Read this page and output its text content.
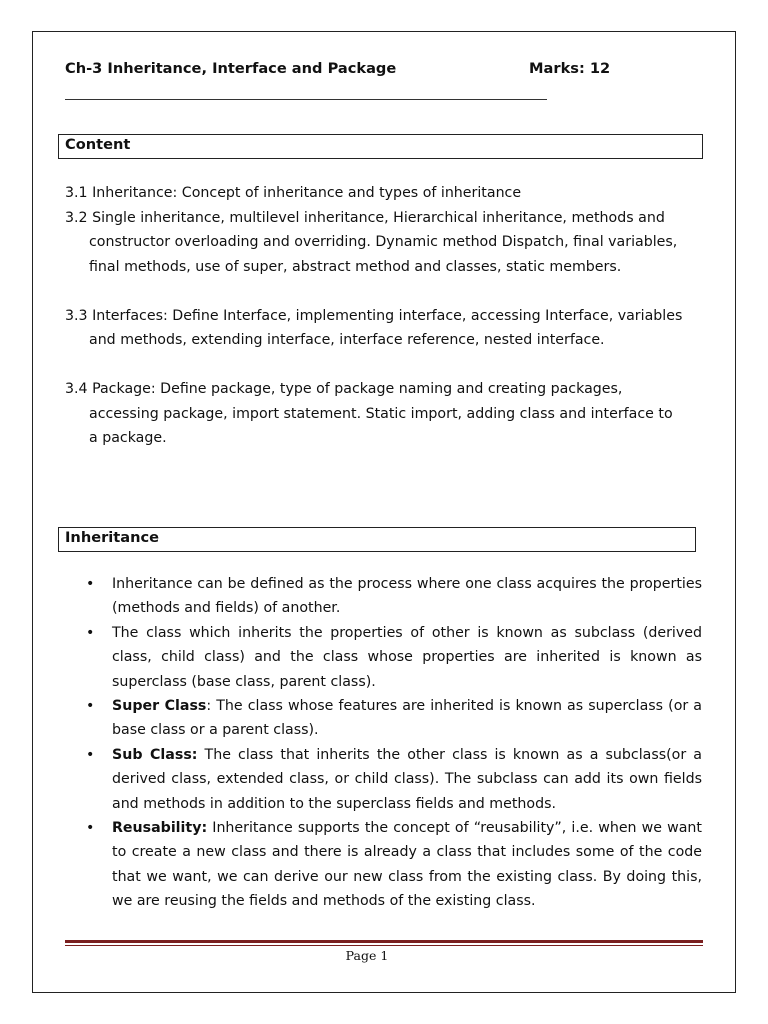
Ch-3 Inheritance, Interface and Package	Marks: 12
Content
3.1 Inheritance: Concept of inheritance and types of inheritance
3.2 Single inheritance, multilevel inheritance, Hierarchical inheritance, methods and constructor overloading and overriding. Dynamic method Dispatch, final variables, final methods, use of super, abstract method and classes, static members.
3.3 Interfaces: Define Interface, implementing interface, accessing Interface, variables and methods, extending interface, interface reference, nested interface.
3.4 Package: Define package, type of package naming and creating packages, accessing package, import statement. Static import, adding class and interface to a package.
Inheritance
• Inheritance can be defined as the process where one class acquires the properties (methods and fields) of another.
• The class which inherits the properties of other is known as subclass (derived class, child class) and the class whose properties are inherited is known as superclass (base class, parent class).
• Super Class: The class whose features are inherited is known as superclass (or a base class or a parent class).
• Sub Class: The class that inherits the other class is known as a subclass(or a derived class, extended class, or child class). The subclass can add its own fields and methods in addition to the superclass fields and methods.
• Reusability: Inheritance supports the concept of “reusability”, i.e. when we want to create a new class and there is already a class that includes some of the code that we want, we can derive our new class from the existing class. By doing this, we are reusing the fields and methods of the existing class.
Page 1
